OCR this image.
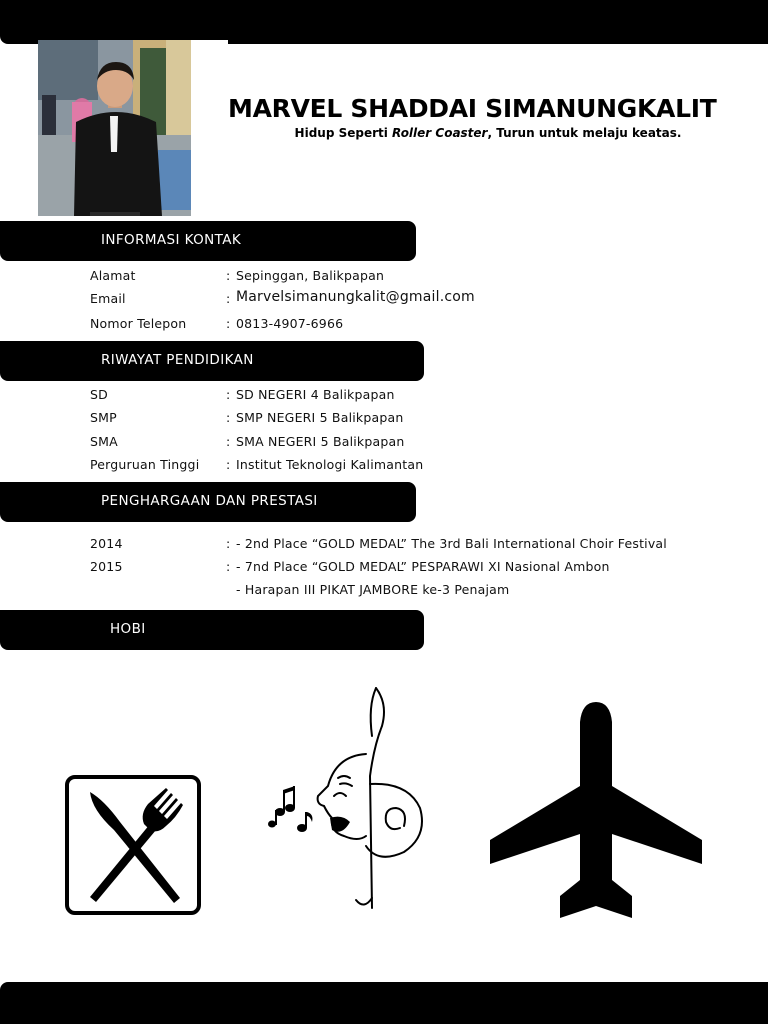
MARVEL SHADDAI SIMANUNGKALIT
Hidup Seperti Roller Coaster, Turun untuk melaju keatas.
INFORMASI KONTAK
Alamat	: Sepinggan, Balikpapan
Email	: Marvelsimanungkalit@gmail.com
Nomor Telepon	: 0813-4907-6966
RIWAYAT PENDIDIKAN
SD	: SD NEGERI 4 Balikpapan
SMP	: SMP NEGERI 5 Balikpapan
SMA	: SMA NEGERI 5 Balikpapan
Perguruan Tinggi : Institut Teknologi Kalimantan
PENGHARGAAN DAN PRESTASI
2014	: - 2nd Place “GOLD MEDAL” The 3rd Bali International Choir Festival
2015	: - 7nd Place “GOLD MEDAL” PESPARAWI XI Nasional Ambon
- Harapan III PIKAT JAMBORE ke-3 Penajam
HOBI
